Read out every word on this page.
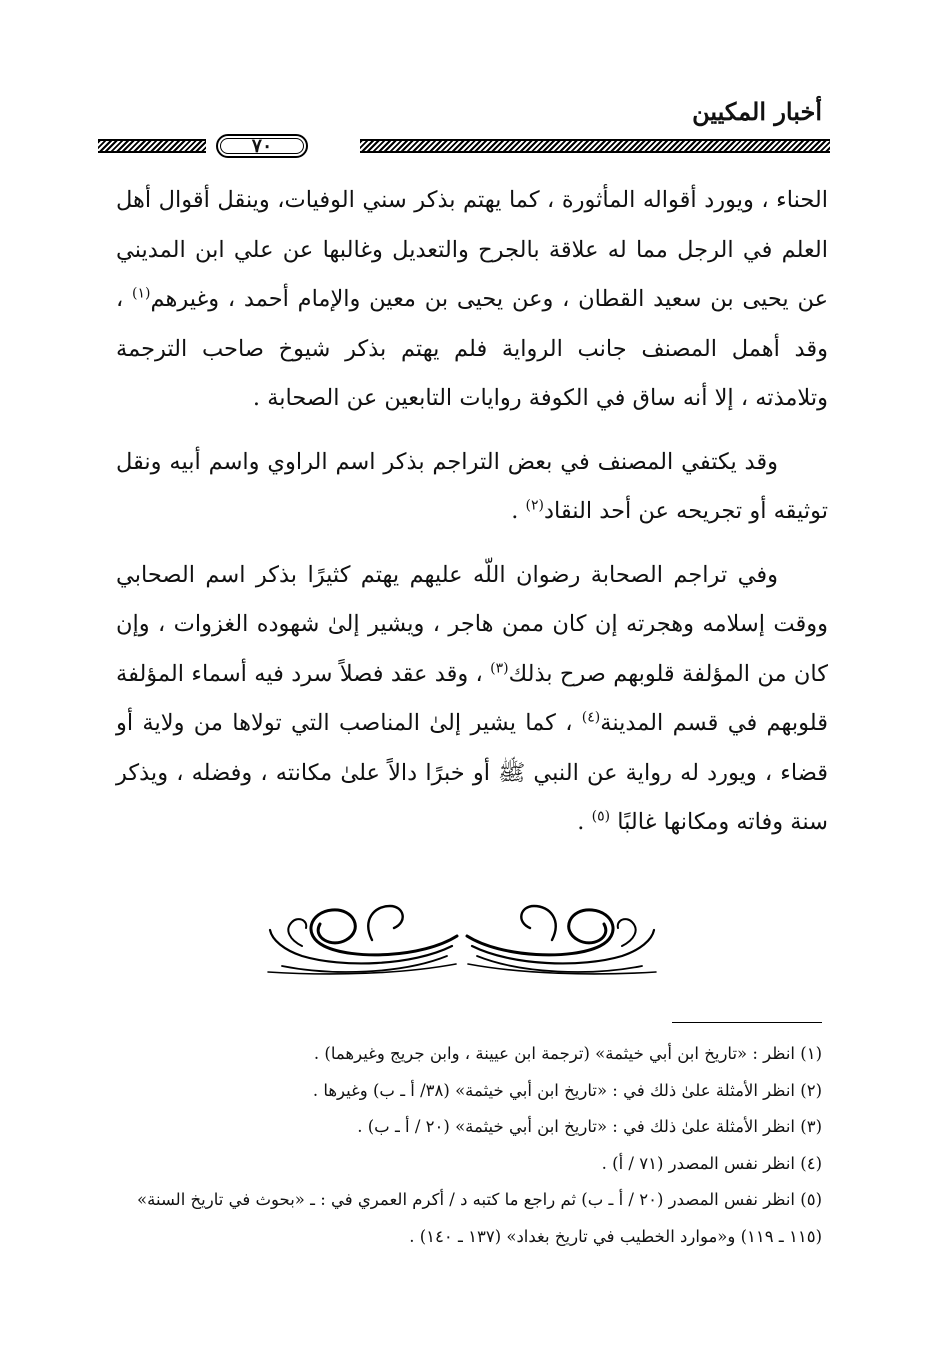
أخبار المكيين
٧٠

الحناء ، ويورد أقواله المأثورة ، كما يهتم بذكر سني الوفيات، وينقل أقوال أهل العلم في الرجل مما له علاقة بالجرح والتعديل وغالبها عن علي ابن المديني عن يحيى بن سعيد القطان ، وعن يحيى بن معين والإمام أحمد ، وغيرهم$^{(١)}$ ، وقد أهمل المصنف جانب الرواية فلم يهتم بذكر شيوخ صاحب الترجمة وتلامذته ، إلا أنه ساق في الكوفة روايات التابعين عن الصحابة .

وقد يكتفي المصنف في بعض التراجم بذكر اسم الراوي واسم أبيه ونقل توثيقه أو تجريحه عن أحد النقاد$^{(٢)}$ .

وفي تراجم الصحابة رضوان اللّه عليهم يهتم كثيرًا بذكر اسم الصحابي ووقت إسلامه وهجرته إن كان ممن هاجر ، ويشير إلىٰ شهوده الغزوات ، وإن كان من المؤلفة قلوبهم صرح بذلك$^{(٣)}$ ، وقد عقد فصلاً سرد فيه أسماء المؤلفة قلوبهم في قسم المدينة$^{(٤)}$ ، كما يشير إلىٰ المناصب التي تولاها من ولاية أو قضاء ، ويورد له رواية عن النبي ﷺ أو خبرًا دالاً علىٰ مكانته ، وفضله ، ويذكر سنة وفاته ومكانها غالبًا $^{(٥)}$ .

(١) انظر : «تاريخ ابن أبي خيثمة» (ترجمة ابن عيينة ، وابن جريج وغيرهما) .

(٢) انظر الأمثلة علىٰ ذلك في : «تاريخ ابن أبي خيثمة» (٣٨/ أ ـ ب) وغيرها .

(٣) انظر الأمثلة علىٰ ذلك في : «تاريخ ابن أبي خيثمة» (٢٠ / أ ـ ب) .

(٤) انظر نفس المصدر (٧١ / أ) .

(٥) انظر نفس المصدر (٢٠ / أ ـ ب) ثم راجع ما كتبه د / أكرم العمري في : ـ «بحوث في تاريخ السنة» (١١٥ ـ ١١٩) و«موارد الخطيب في تاريخ بغداد» (١٣٧ ـ ١٤٠) .
